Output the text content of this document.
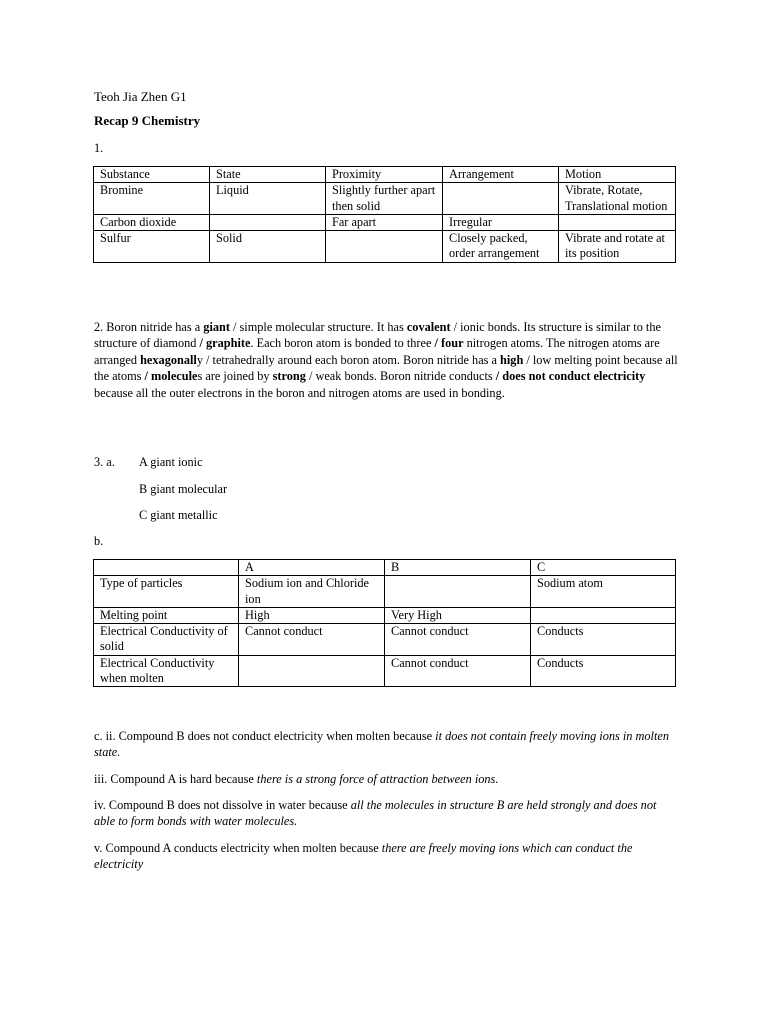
Teoh Jia Zhen G1
Recap 9 Chemistry
1.
Substance	State	Proximity	Arrangement	Motion
Bromine	Liquid	Slightly further apart then solid		Vibrate, Rotate, Translational motion
Carbon dioxide		Far apart	Irregular	
Sulfur	Solid		Closely packed, order arrangement	Vibrate and rotate at its position
2. Boron nitride has a giant / simple molecular structure. It has covalent / ionic bonds. Its structure is similar to the structure of diamond / graphite. Each boron atom is bonded to three / four nitrogen atoms. The nitrogen atoms are arranged hexagonally / tetrahedrally around each boron atom. Boron nitride has a high / low melting point because all the atoms / molecules are joined by strong / weak bonds. Boron nitride conducts / does not conduct electricity because all the outer electrons in the boron and nitrogen atoms are used in bonding.
3. a. A giant ionic
B giant molecular
C giant metallic
b.
	A	B	C
Type of particles	Sodium ion and Chloride ion		Sodium atom
Melting point	High	Very High	
Electrical Conductivity of solid	Cannot conduct	Cannot conduct	Conducts
Electrical Conductivity when molten		Cannot conduct	Conducts
c. ii. Compound B does not conduct electricity when molten because it does not contain freely moving ions in molten state.
iii. Compound A is hard because there is a strong force of attraction between ions.
iv. Compound B does not dissolve in water because all the molecules in structure B are held strongly and does not able to form bonds with water molecules.
v. Compound A conducts electricity when molten because there are freely moving ions which can conduct the electricity
